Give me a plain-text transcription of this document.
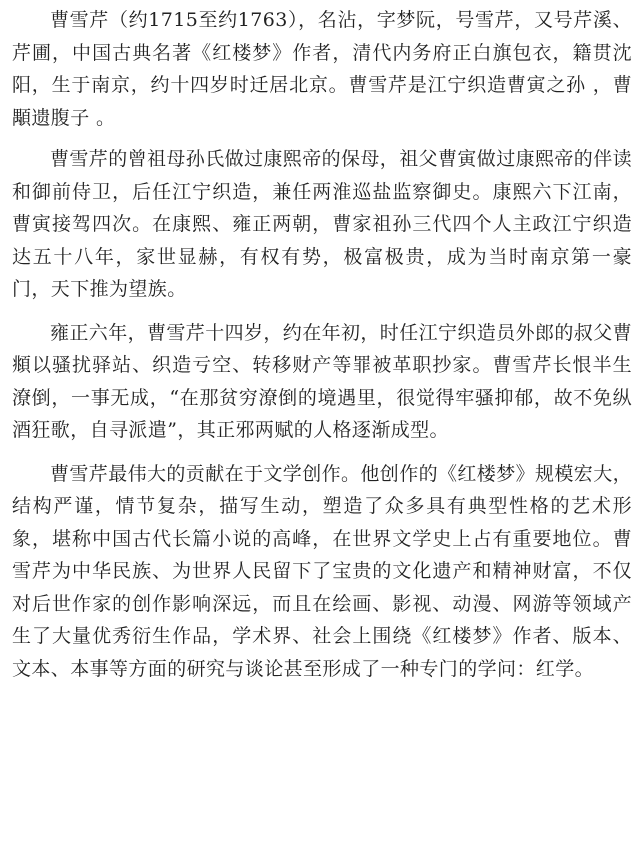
曹雪芹（约1715至约1763），名沾，字梦阮，号雪芹，又号芹溪、芹圃，中国古典名著《红楼梦》作者，清代内务府正白旗包衣，籍贯沈阳，生于南京，约十四岁时迁居北京。曹雪芹是江宁织造曹寅之孙 ，曹顒遗腹子 。

曹雪芹的曾祖母孙氏做过康熙帝的保母，祖父曹寅做过康熙帝的伴读和御前侍卫，后任江宁织造，兼任两淮巡盐监察御史。康熙六下江南，曹寅接驾四次。在康熙、雍正两朝，曹家祖孙三代四个人主政江宁织造达五十八年，家世显赫，有权有势，极富极贵，成为当时南京第一豪门，天下推为望族。

雍正六年，曹雪芹十四岁，约在年初，时任江宁织造员外郎的叔父曹頫以骚扰驿站、织造亏空、转移财产等罪被革职抄家。曹雪芹长恨半生潦倒，一事无成，“在那贫穷潦倒的境遇里，很觉得牢骚抑郁，故不免纵酒狂歌，自寻派遣”，其正邪两赋的人格逐渐成型。

曹雪芹最伟大的贡献在于文学创作。他创作的《红楼梦》规模宏大，结构严谨，情节复杂，描写生动，塑造了众多具有典型性格的艺术形象，堪称中国古代长篇小说的高峰，在世界文学史上占有重要地位。曹雪芹为中华民族、为世界人民留下了宝贵的文化遗产和精神财富，不仅对后世作家的创作影响深远，而且在绘画、影视、动漫、网游等领域产生了大量优秀衍生作品，学术界、社会上围绕《红楼梦》作者、版本、文本、本事等方面的研究与谈论甚至形成了一种专门的学问：红学。
